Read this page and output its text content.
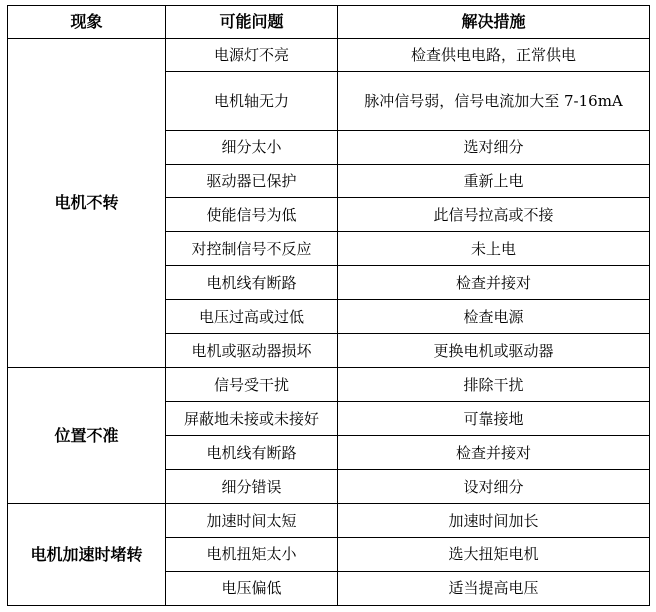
现象	可能问题	解决措施
电机不转	电源灯不亮	检查供电电路，正常供电
	电机轴无力	脉冲信号弱，信号电流加大至 7-16mA
	细分太小	选对细分
	驱动器已保护	重新上电
	使能信号为低	此信号拉高或不接
	对控制信号不反应	未上电
	电机线有断路	检查并接对
	电压过高或过低	检查电源
	电机或驱动器损坏	更换电机或驱动器
位置不准	信号受干扰	排除干扰
	屏蔽地未接或未接好	可靠接地
	电机线有断路	检查并接对
	细分错误	设对细分
电机加速时堵转	加速时间太短	加速时间加长
	电机扭矩太小	选大扭矩电机
	电压偏低	适当提高电压
